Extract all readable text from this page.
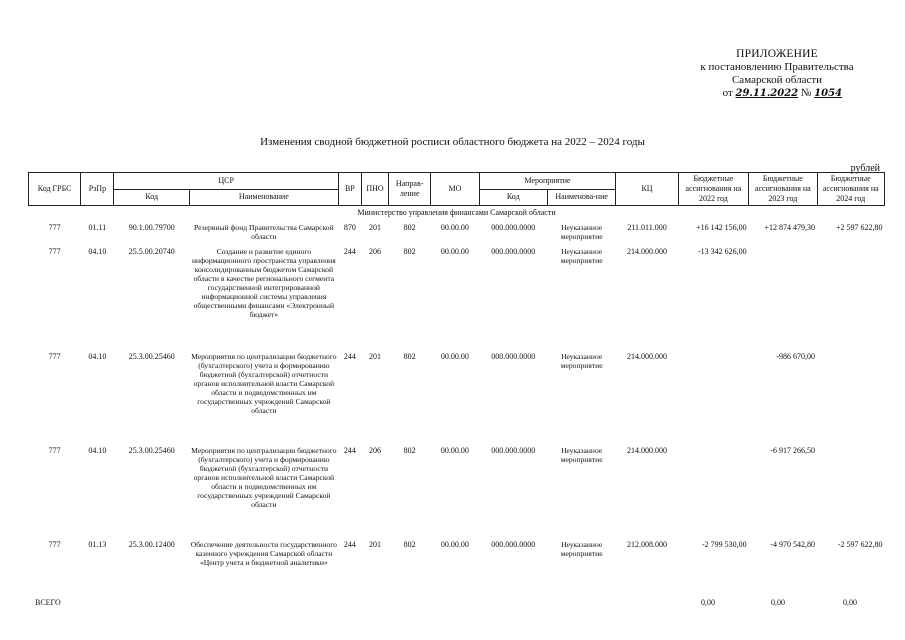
ПРИЛОЖЕНИЕ
к постановлению Правительства
Самарской области
от 29.11.2022 № 1054
Изменения сводной бюджетной росписи областного бюджета на 2022 – 2024 годы
рублей
Код ГРБС	РзПр	ЦСР		ВР	ПНО	Направ-ление	МО	Мероприятие		КЦ	Бюджетные ассигнования на 2022 год	Бюджетные ассигнования на 2023 год	Бюджетные ассигнования на 2024 год
		Код	Наименование					Код	Наименова-ние				
Министерство управления финансами Самарской области													
777	01.11	90.1.00.79700	Резервный фонд Правительства Самарской области	870	201	802	00.00.00	000.000.0000	Неуказанное мероприятие	211.011.000	+16 142 156,00	+12 874 479,30	+2 597 622,80
777	04.10	25.5.00.20740	Создание и развитие единого информационного пространства управления консолидированным бюджетом Самарской области в качестве регионального сегмента государственной интегрированной информационной системы управления общественными финансами «Электронный бюджет»	244	206	802	00.00.00	000.000.0000	Неуказанное мероприятие	214.000.000	-13 342 626,00		
777	04.10	25.3.00.25460	Мероприятия по централизации бюджетного (бухгалтерского) учета и формированию бюджетной (бухгалтерской) отчетности органов исполнительной власти Самарской области и подведомственных им государственных учреждений Самарской области	244	201	802	00.00.00	000.000.0000	Неуказанное мероприятие	214.000.000		-986 670,00	
777	04.10	25.3.00.25460	Мероприятия по централизации бюджетного (бухгалтерского) учета и формированию бюджетной (бухгалтерской) отчетности органов исполнительной власти Самарской области и подведомственных им государственных учреждений Самарской области	244	206	802	00.00.00	000.000.0000	Неуказанное мероприятие	214.000.000		-6 917 266,50	
777	01.13	25.3.00.12400	Обеспечение деятельности государственного казенного учреждения Самарской области «Центр учета и бюджетной аналитики»	244	201	802	00.00.00	000.000.0000	Неуказанное мероприятие	212.008.000	-2 799 530,00	-4 970 542,80	-2 597 622,80
ВСЕГО	0,00	0,00	0,00
